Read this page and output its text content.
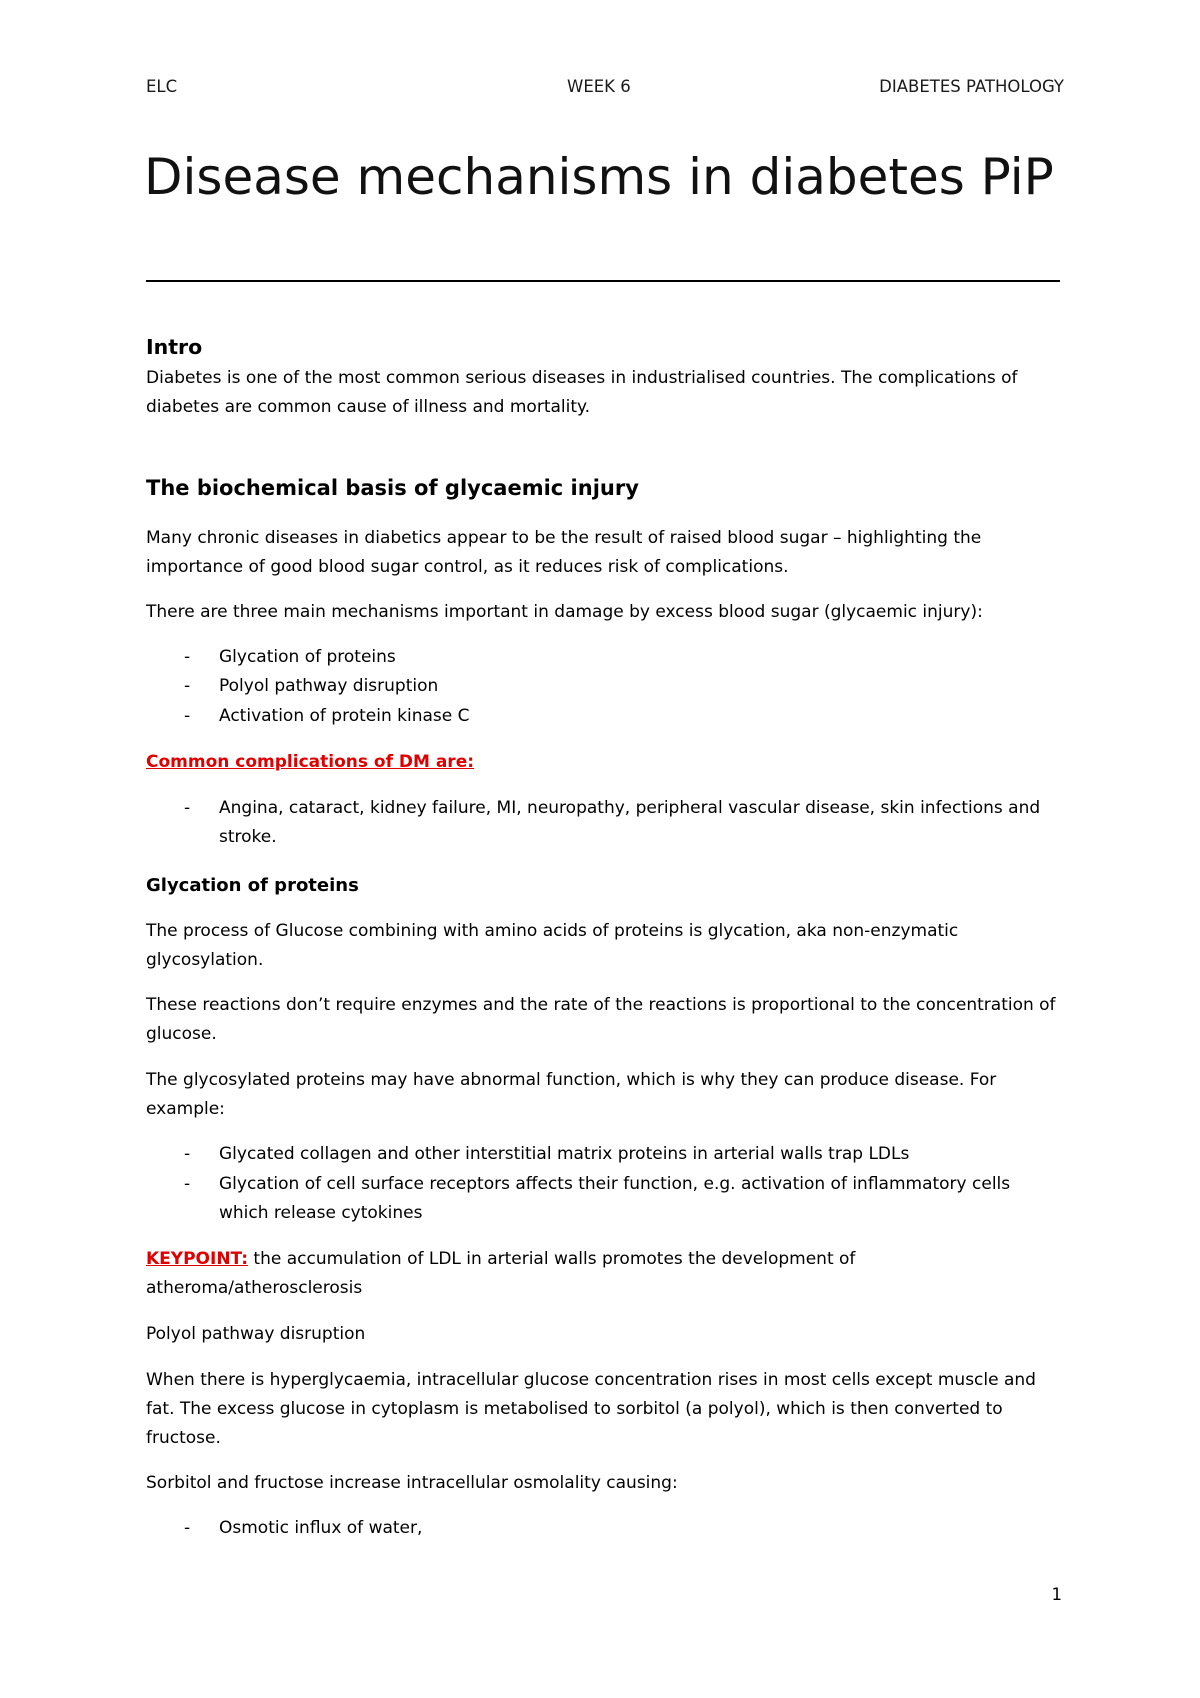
ELC	WEEK 6	DIABETES PATHOLOGY
Disease mechanisms in diabetes PiP

Intro

Diabetes is one of the most common serious diseases in industrialised countries. The complications of diabetes are common cause of illness and mortality.

The biochemical basis of glycaemic injury

Many chronic diseases in diabetics appear to be the result of raised blood sugar – highlighting the importance of good blood sugar control, as it reduces risk of complications.

There are three main mechanisms important in damage by excess blood sugar (glycaemic injury):

- Glycation of proteins
- Polyol pathway disruption
- Activation of protein kinase C

Common complications of DM are:

- Angina, cataract, kidney failure, MI, neuropathy, peripheral vascular disease, skin infections and stroke.

Glycation of proteins

The process of Glucose combining with amino acids of proteins is glycation, aka non-enzymatic glycosylation.

These reactions don’t require enzymes and the rate of the reactions is proportional to the concentration of glucose.

The glycosylated proteins may have abnormal function, which is why they can produce disease. For example:

- Glycated collagen and other interstitial matrix proteins in arterial walls trap LDLs
- Glycation of cell surface receptors affects their function, e.g. activation of inflammatory cells which release cytokines

KEYPOINT: the accumulation of LDL in arterial walls promotes the development of atheroma/atherosclerosis

Polyol pathway disruption

When there is hyperglycaemia, intracellular glucose concentration rises in most cells except muscle and fat. The excess glucose in cytoplasm is metabolised to sorbitol (a polyol), which is then converted to fructose.

Sorbitol and fructose increase intracellular osmolality causing:

- Osmotic influx of water,
1
